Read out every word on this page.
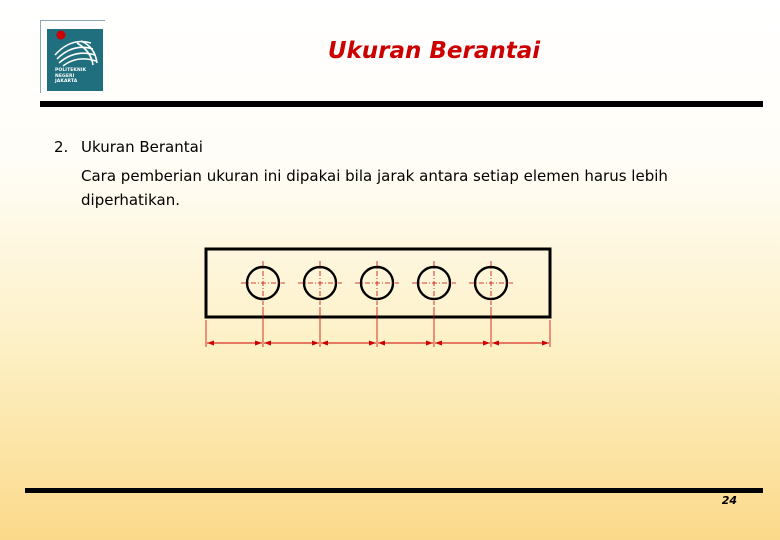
POLITEKNIK
NEGERI
JAKARTA
Ukuran Berantai
2. Ukuran Berantai
Cara pemberian ukuran ini dipakai bila jarak antara setiap elemen harus lebih diperhatikan.
24
